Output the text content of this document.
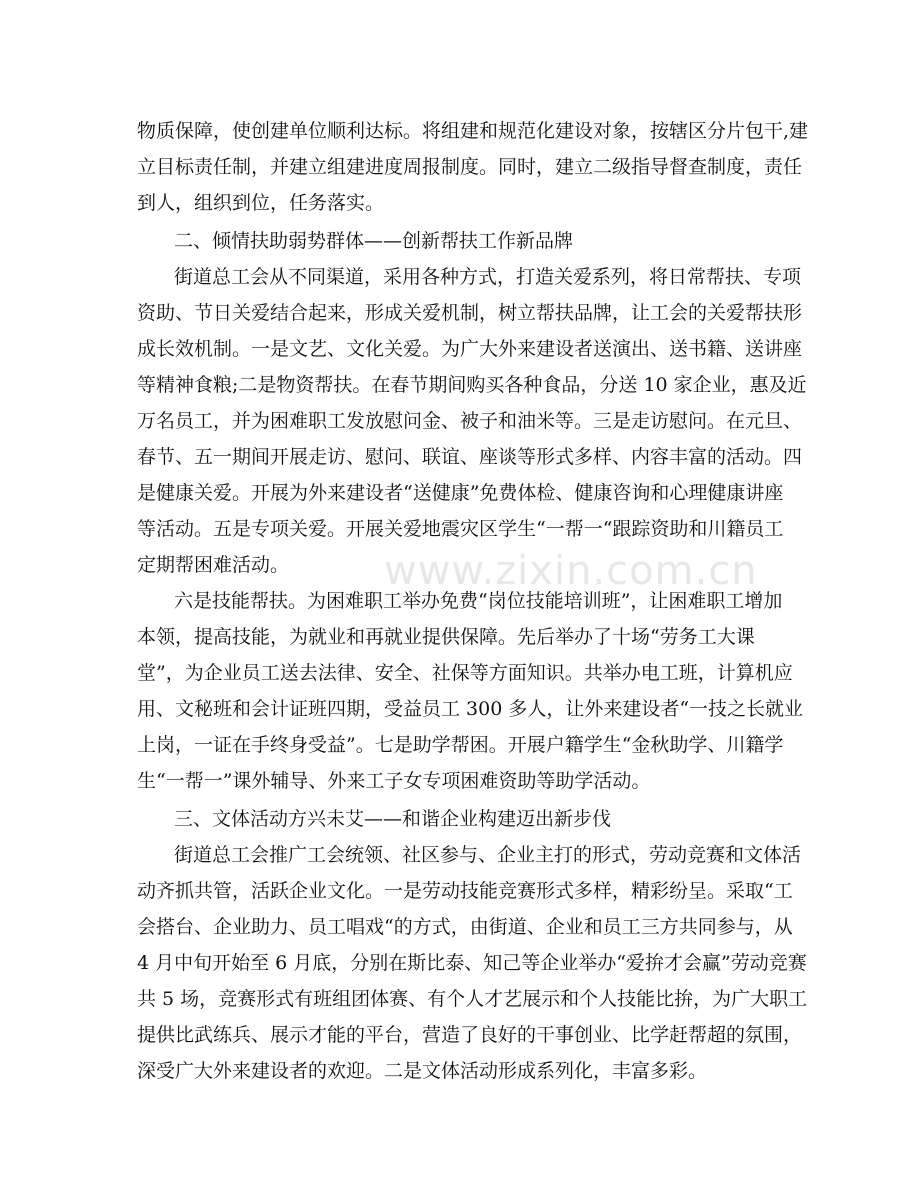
www.zixin.com.cn
物质保障，使创建单位顺利达标。将组建和规范化建设对象，按辖区分片包干,建
立目标责任制，并建立组建进度周报制度。同时，建立二级指导督查制度，责任
到人，组织到位，任务落实。
二、倾情扶助弱势群体——创新帮扶工作新品牌
街道总工会从不同渠道，采用各种方式，打造关爱系列，将日常帮扶、专项
资助、节日关爱结合起来，形成关爱机制，树立帮扶品牌，让工会的关爱帮扶形
成长效机制。一是文艺、文化关爱。为广大外来建设者送演出、送书籍、送讲座
等精神食粮;二是物资帮扶。在春节期间购买各种食品，分送 10 家企业，惠及近
万名员工，并为困难职工发放慰问金、被子和油米等。三是走访慰问。在元旦、
春节、五一期间开展走访、慰问、联谊、座谈等形式多样、内容丰富的活动。四
是健康关爱。开展为外来建设者“送健康”免费体检、健康咨询和心理健康讲座
等活动。五是专项关爱。开展关爱地震灾区学生“一帮一“跟踪资助和川籍员工
定期帮困难活动。
六是技能帮扶。为困难职工举办免费“岗位技能培训班”，让困难职工增加
本领，提高技能，为就业和再就业提供保障。先后举办了十场“劳务工大课
堂”，为企业员工送去法律、安全、社保等方面知识。共举办电工班，计算机应
用、文秘班和会计证班四期，受益员工 300 多人，让外来建设者“一技之长就业
上岗，一证在手终身受益”。七是助学帮困。开展户籍学生“金秋助学、川籍学
生“一帮一”课外辅导、外来工子女专项困难资助等助学活动。
三、文体活动方兴未艾——和谐企业构建迈出新步伐
街道总工会推广工会统领、社区参与、企业主打的形式，劳动竞赛和文体活
动齐抓共管，活跃企业文化。一是劳动技能竞赛形式多样，精彩纷呈。采取“工
会搭台、企业助力、员工唱戏“的方式，由街道、企业和员工三方共同参与，从
4 月中旬开始至 6 月底，分别在斯比泰、知己等企业举办“爱拚才会赢”劳动竞赛
共 5 场，竞赛形式有班组团体赛、有个人才艺展示和个人技能比拚，为广大职工
提供比武练兵、展示才能的平台，营造了良好的干事创业、比学赶帮超的氛围，
深受广大外来建设者的欢迎。二是文体活动形成系列化，丰富多彩。
